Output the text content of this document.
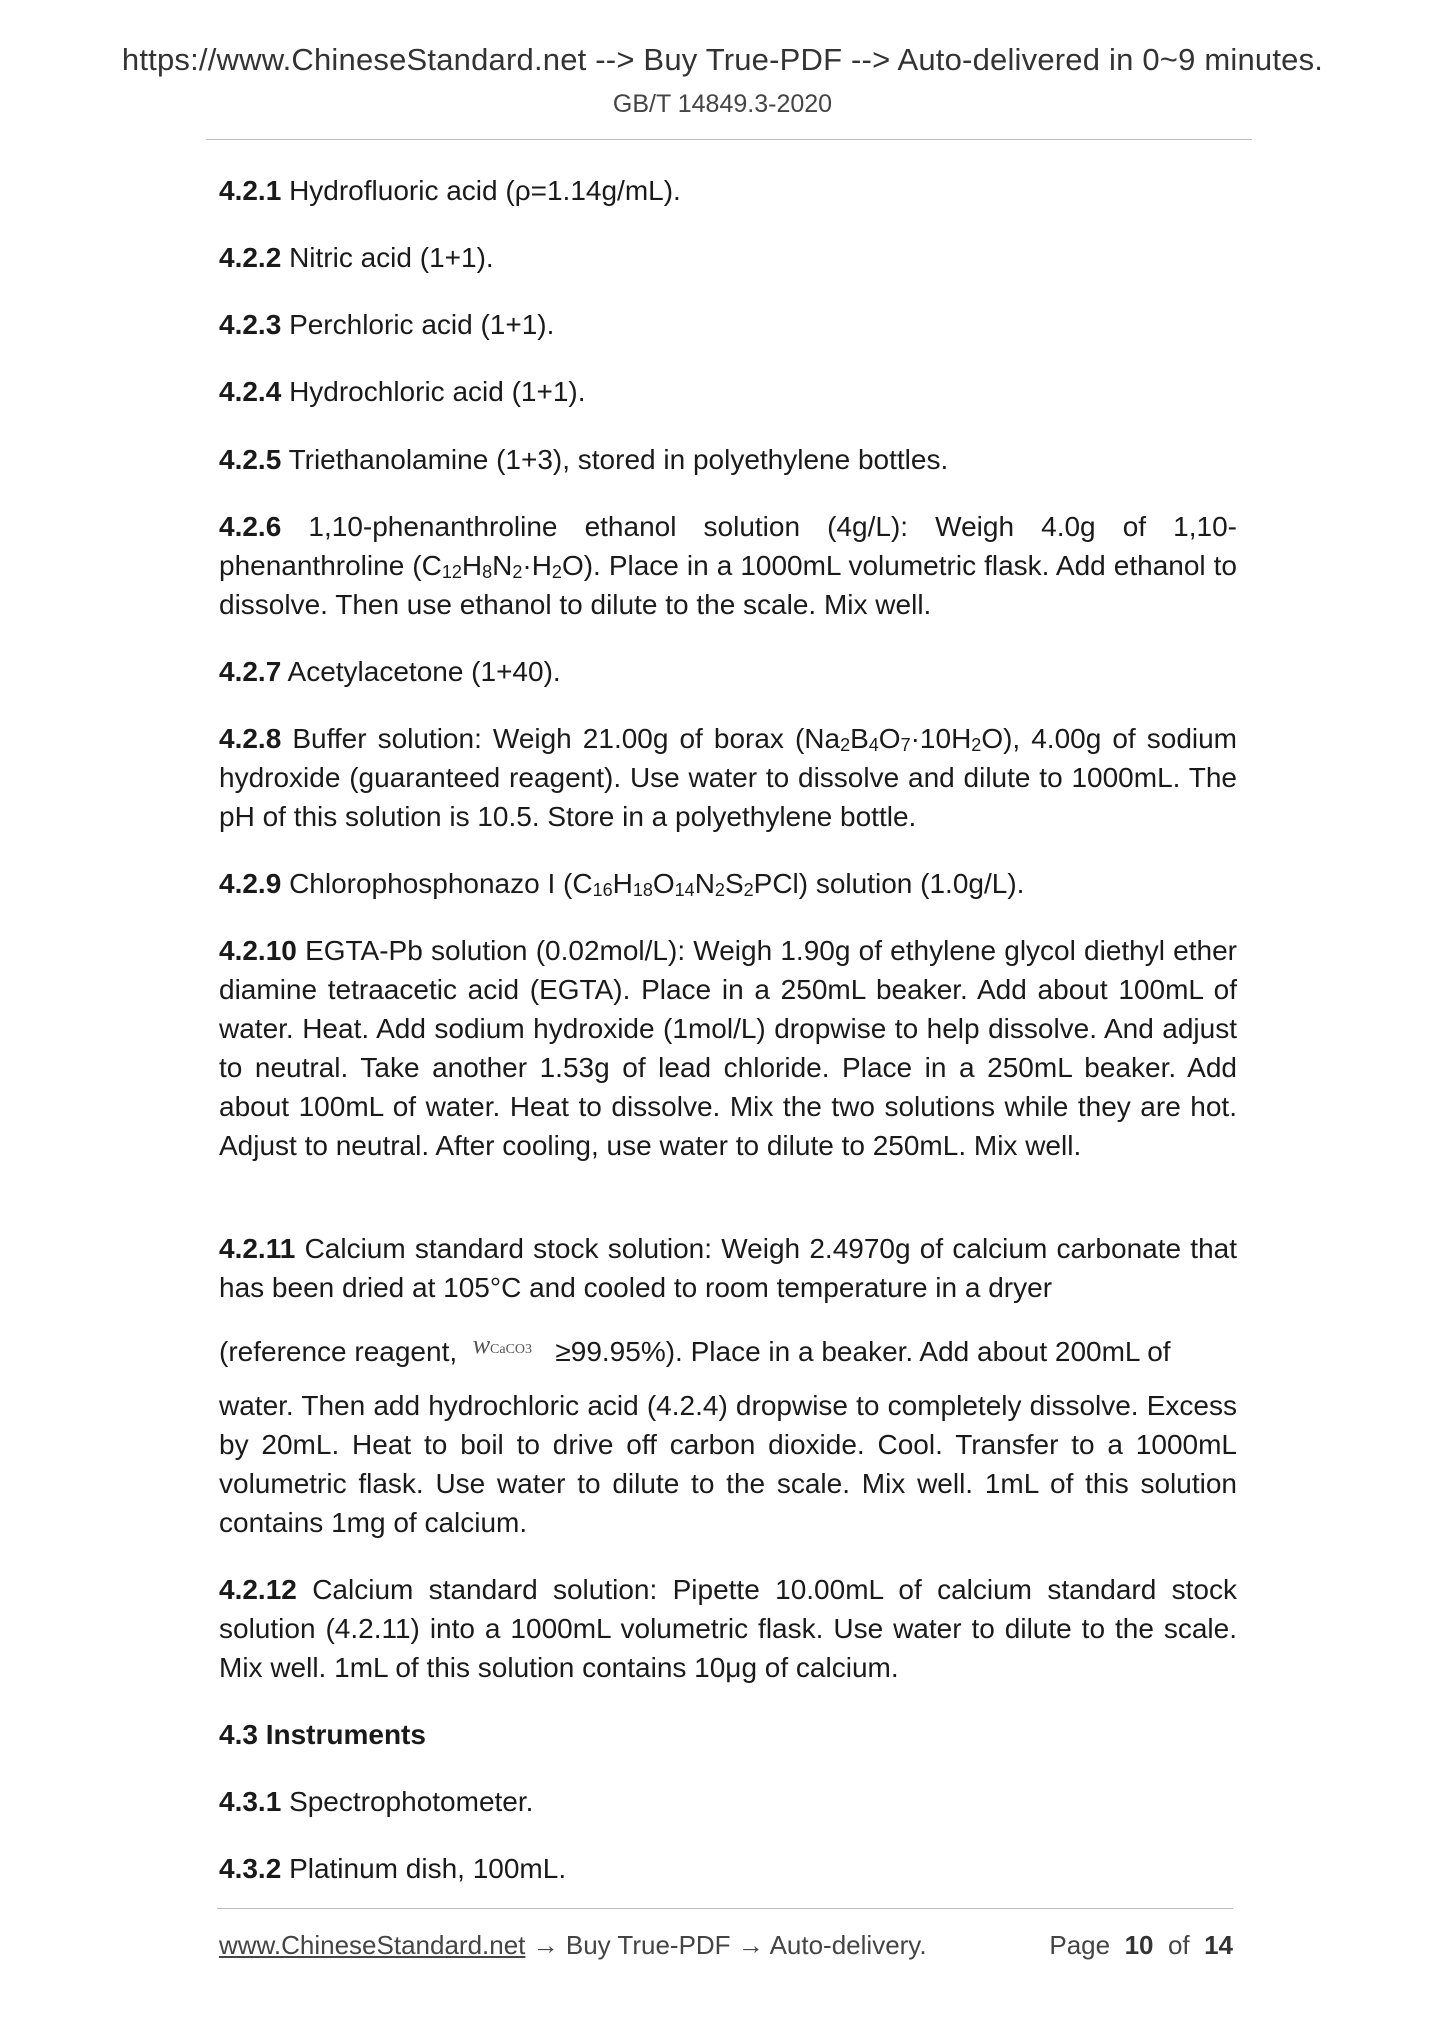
https://www.ChineseStandard.net --> Buy True-PDF --> Auto-delivered in 0~9 minutes.
GB/T 14849.3-2020

4.2.1 Hydrofluoric acid (ρ=1.14g/mL).

4.2.2 Nitric acid (1+1).

4.2.3 Perchloric acid (1+1).

4.2.4 Hydrochloric acid (1+1).

4.2.5 Triethanolamine (1+3), stored in polyethylene bottles.

4.2.6 1,10-phenanthroline ethanol solution (4g/L): Weigh 4.0g of 1,10-phenanthroline $(C_{12}H_8N_2\cdot H_2O)$. Place in a 1000mL volumetric flask. Add ethanol to dissolve. Then use ethanol to dilute to the scale. Mix well.

4.2.7 Acetylacetone (1+40).

4.2.8 Buffer solution: Weigh 21.00g of borax $(Na_2B_4O_7\cdot 10H_2O)$, 4.00g of sodium hydroxide (guaranteed reagent). Use water to dissolve and dilute to 1000mL. The pH of this solution is 10.5. Store in a polyethylene bottle.

4.2.9 Chlorophosphonazo I $(C_{16}H_{18}O_{14}N_2S_2PCl)$ solution (1.0g/L).

4.2.10 EGTA-Pb solution (0.02mol/L): Weigh 1.90g of ethylene glycol diethyl ether diamine tetraacetic acid (EGTA). Place in a 250mL beaker. Add about 100mL of water. Heat. Add sodium hydroxide (1mol/L) dropwise to help dissolve. And adjust to neutral. Take another 1.53g of lead chloride. Place in a 250mL beaker. Add about 100mL of water. Heat to dissolve. Mix the two solutions while they are hot. Adjust to neutral. After cooling, use water to dilute to 250mL. Mix well.

4.2.11 Calcium standard stock solution: Weigh 2.4970g of calcium carbonate that has been dried at 105°C and cooled to room temperature in a dryer

(reference reagent, $w^{CaCO3} \ge 99.95\%$). Place in a beaker. Add about 200mL of

water. Then add hydrochloric acid (4.2.4) dropwise to completely dissolve. Excess by 20mL. Heat to boil to drive off carbon dioxide. Cool. Transfer to a 1000mL volumetric flask. Use water to dilute to the scale. Mix well. 1mL of this solution contains 1mg of calcium.

4.2.12 Calcium standard solution: Pipette 10.00mL of calcium standard stock solution (4.2.11) into a 1000mL volumetric flask. Use water to dilute to the scale. Mix well. 1mL of this solution contains 10μg of calcium.

4.3 Instruments

4.3.1 Spectrophotometer.

4.3.2 Platinum dish, 100mL.

www.ChineseStandard.net → Buy True-PDF → Auto-delivery.	Page 10 of 14
